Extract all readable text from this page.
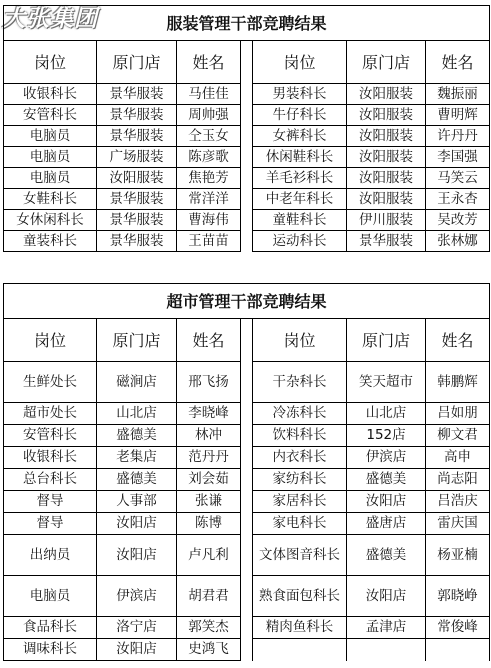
大张集团	服装管理干部竞聘结果						
岗位	原门店	姓名		岗位	原门店	姓名
收银科长	景华服装	马佳佳		男装科长	汝阳服装	魏振丽
安管科长	景华服装	周帅强		牛仔科长	汝阳服装	曹明辉
电脑员	景华服装	仝玉女		女裤科长	汝阳服装	许丹丹
电脑员	广场服装	陈彦歌		休闲鞋科长	汝阳服装	李国强
电脑员	汝阳服装	焦艳芳		羊毛衫科长	汝阳服装	马笑云
女鞋科长	景华服装	常洋洋		中老年科长	汝阳服装	王永杏
女休闲科长	景华服装	曹海伟		童鞋科长	伊川服装	吴改芳
童装科长	景华服装	王苗苗		运动科长	景华服装	张林娜
超市管理干部竞聘结果						
岗位	原门店	姓名		岗位	原门店	姓名
生鲜处长	磁涧店	邢飞扬		干杂科长	笑天超市	韩鹏辉
超市处长	山北店	李晓峰		冷冻科长	山北店	吕如朋
安管科长	盛德美	林冲		饮料科长	152店	柳文君
收银科长	老集店	范丹丹		内衣科长	伊滨店	高申
总台科长	盛德美	刘会茹		家纺科长	盛德美	尚志阳
督导	人事部	张谦		家居科长	汝阳店	吕浩庆
督导	汝阳店	陈博		家电科长	盛唐店	雷庆国
出纳员	汝阳店	卢凡利		文体图音科长	盛德美	杨亚楠
电脑员	伊滨店	胡君君		熟食面包科长	汝阳店	郭晓峥
食品科长	洛宁店	郭笑杰		精肉鱼科长	孟津店	常俊峰
调味科长	汝阳店	史鸿飞				
